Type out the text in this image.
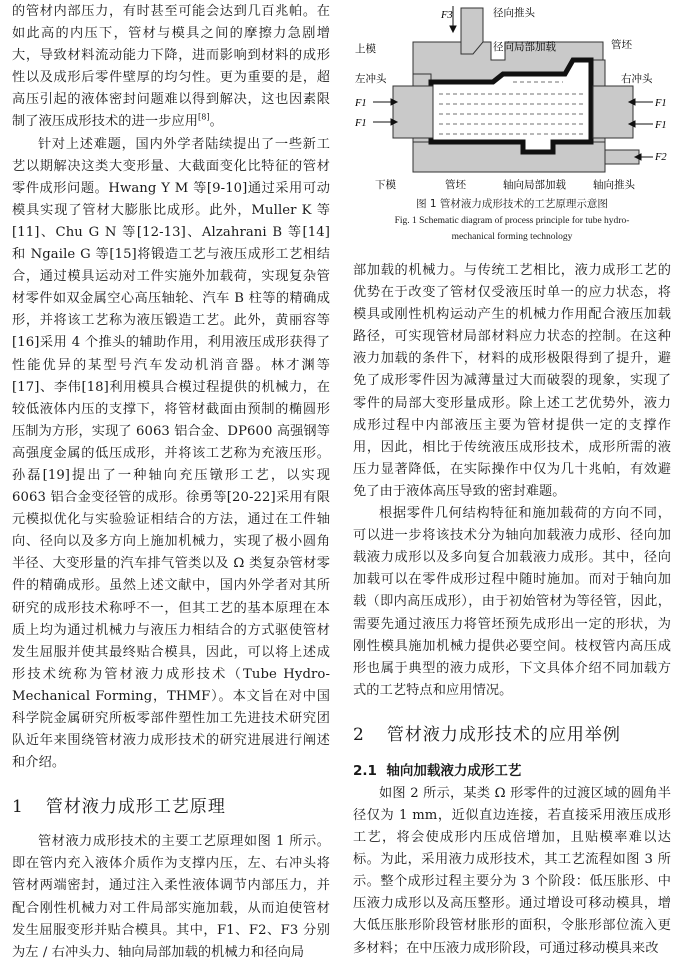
的管材内部压力，有时甚至可能会达到几百兆帕。在如此高的内压下，管材与模具之间的摩擦力急剧增大，导致材料流动能力下降，进而影响到材料的成形性以及成形后零件壁厚的均匀性。更为重要的是，超高压引起的液体密封问题难以得到解决，这也因素限制了液压成形技术的进一步应用[8]。

针对上述难题，国内外学者陆续提出了一些新工艺以期解决这类大变形量、大截面变化比特征的管材零件成形问题。Hwang Y M 等[9-10]通过采用可动模具实现了管材大膨胀比成形。此外，Muller K 等[11]、Chu G N 等[12-13]、Alzahrani B 等[14] 和 Ngaile G 等[15]将锻造工艺与液压成形工艺相结合，通过模具运动对工件实施外加载荷，实现复杂管材零件如双金属空心高压轴轮、汽车 B 柱等的精确成形，并将该工艺称为液压锻造工艺。此外，黄丽容等[16]采用 4 个推头的辅助作用，利用液压成形获得了性能优异的某型号汽车发动机消音器。林才渊等[17]、李伟[18]利用模具合模过程提供的机械力，在较低液体内压的支撑下，将管材截面由预制的椭圆形压制为方形，实现了 6063 铝合金、DP600 高强钢等高强度金属的低压成形，并将该工艺称为充液压形。孙磊[19]提出了一种轴向充压镦形工艺，以实现 6063 铝合金变径管的成形。徐勇等[20-22]采用有限元模拟优化与实验验证相结合的方法，通过在工件轴向、径向以及多方向上施加机械力，实现了极小圆角半径、大变形量的汽车排气管类以及 Ω 类复杂管材零件的精确成形。虽然上述文献中，国内外学者对其所研究的成形技术称呼不一，但其工艺的基本原理在本质上均为通过机械力与液压力相结合的方式驱使管材发生屈服并使其最终贴合模具，因此，可以将上述成形技术统称为管材液力成形技术（Tube Hydro-Mechanical Forming，THMF）。本文旨在对中国科学院金属研究所板零部件塑性加工先进技术研究团队近年来围绕管材液力成形技术的研究进展进行阐述和介绍。

1 管材液力成形工艺原理

管材液力成形技术的主要工艺原理如图 1 所示。即在管内充入液体介质作为支撑内压，左、右冲头将管材两端密封，通过注入柔性液体调节内部压力，并配合刚性机械力对工件局部实施加载，从而迫使管材发生屈服变形并贴合模具。其中，F1、F2、F3 分别为左 / 右冲头力、轴向局部加载的机械力和径向局

径向推头
F3
上模	径向局部加载	管坯
左冲头	右冲头
F1
F1
F1
F1
F2
下模	管坯	轴向局部加载	轴向推头
图 1 管材液力成形技术的工艺原理示意图

Fig. 1 Schematic diagram of process principle for tube hydro-

mechanical forming technology

部加载的机械力。与传统工艺相比，液力成形工艺的优势在于改变了管材仅受液压时单一的应力状态，将模具或刚性机构运动产生的机械力作用配合液压加载路径，可实现管材局部材料应力状态的控制。在这种液力加载的条件下，材料的成形极限得到了提升，避免了成形零件因为减薄量过大而破裂的现象，实现了零件的局部大变形量成形。除上述工艺优势外，液力成形过程中内部液压主要为管材提供一定的支撑作用，因此，相比于传统液压成形技术，成形所需的液压力显著降低，在实际操作中仅为几十兆帕，有效避免了由于液体高压导致的密封难题。

根据零件几何结构特征和施加载荷的方向不同，可以进一步将该技术分为轴向加载液力成形、径向加载液力成形以及多向复合加载液力成形。其中，径向加载可以在零件成形过程中随时施加。而对于轴向加载（即内高压成形），由于初始管材为等径管，因此，需要先通过液压力将管坯预先成形出一定的形状，为刚性模具施加机械力提供必要空间。枝杈管内高压成形也属于典型的液力成形，下文具体介绍不同加载方式的工艺特点和应用情况。

2 管材液力成形技术的应用举例
2.1 轴向加载液力成形工艺

如图 2 所示，某类 Ω 形零件的过渡区域的圆角半径仅为 1 mm，近似直边连接，若直接采用液压成形工艺，将会使成形内压成倍增加，且贴模率难以达标。为此，采用液力成形技术，其工艺流程如图 3 所示。整个成形过程主要分为 3 个阶段：低压胀形、中压液力成形以及高压整形。通过增设可移动模具，增大低压胀形阶段管材胀形的面积，令胀形部位流入更多材料；在中压液力成形阶段，可通过移动模具来改
